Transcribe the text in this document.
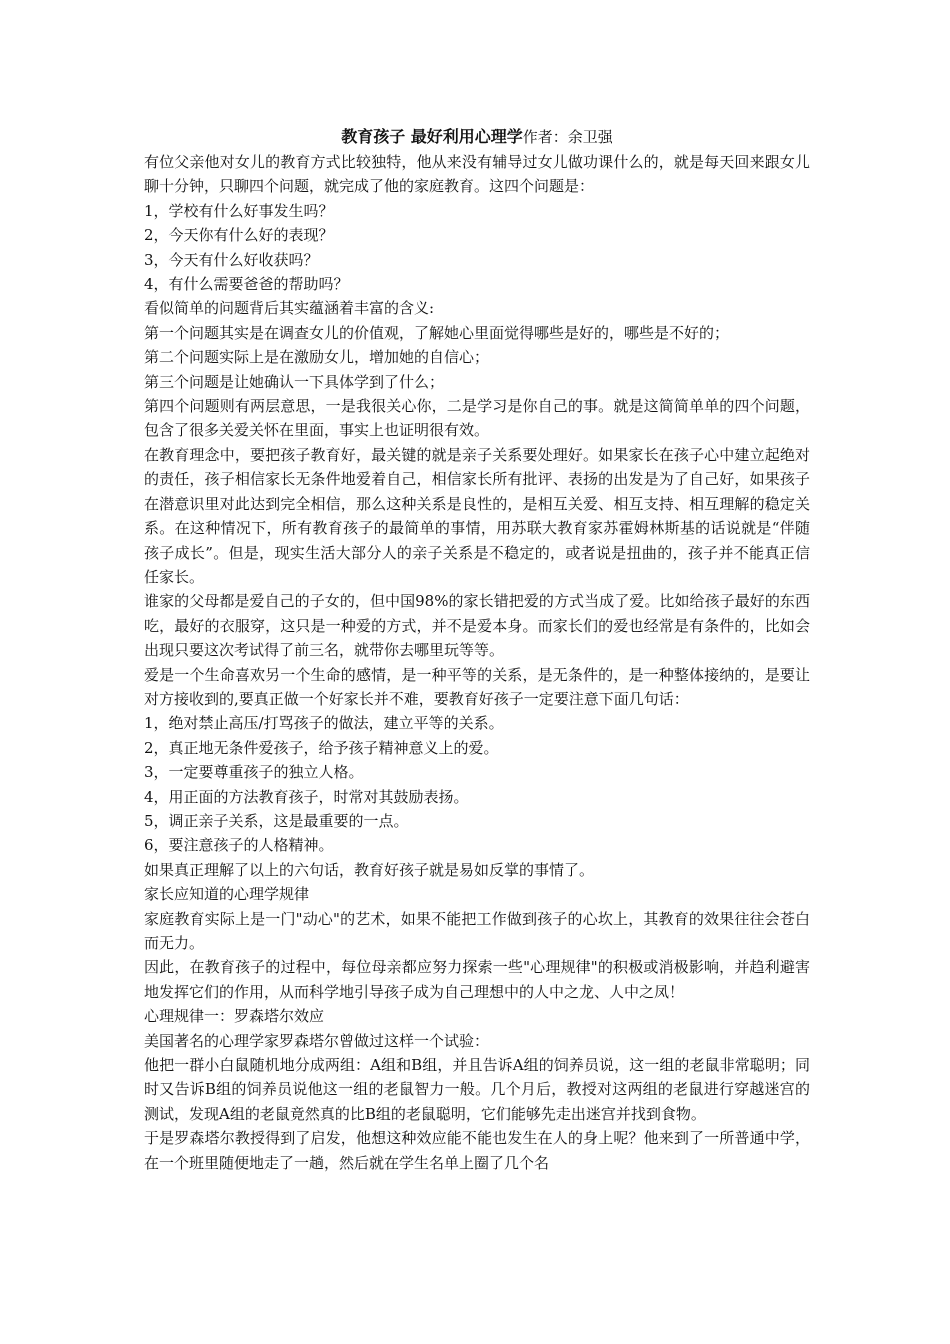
教育孩子 最好利用心理学作者：余卫强

有位父亲他对女儿的教育方式比较独特，他从来没有辅导过女儿做功课什么的，就是每天回来跟女儿聊十分钟，只聊四个问题，就完成了他的家庭教育。这四个问题是：

1，学校有什么好事发生吗？

2，今天你有什么好的表现？

3，今天有什么好收获吗？

4，有什么需要爸爸的帮助吗？

看似简单的问题背后其实蕴涵着丰富的含义:

第一个问题其实是在调查女儿的价值观，了解她心里面觉得哪些是好的，哪些是不好的；

第二个问题实际上是在激励女儿，增加她的自信心；

第三个问题是让她确认一下具体学到了什么；

第四个问题则有两层意思，一是我很关心你，二是学习是你自己的事。就是这简简单单的四个问题，包含了很多关爱关怀在里面，事实上也证明很有效。

在教育理念中，要把孩子教育好，最关键的就是亲子关系要处理好。如果家长在孩子心中建立起绝对的责任，孩子相信家长无条件地爱着自己，相信家长所有批评、表扬的出发是为了自己好，如果孩子在潜意识里对此达到完全相信，那么这种关系是良性的，是相互关爱、相互支持、相互理解的稳定关系。在这种情况下，所有教育孩子的最简单的事情，用苏联大教育家苏霍姆林斯基的话说就是“伴随孩子成长”。但是，现实生活大部分人的亲子关系是不稳定的，或者说是扭曲的，孩子并不能真正信任家长。

谁家的父母都是爱自己的子女的，但中国98%的家长错把爱的方式当成了爱。比如给孩子最好的东西吃，最好的衣服穿，这只是一种爱的方式，并不是爱本身。而家长们的爱也经常是有条件的，比如会出现只要这次考试得了前三名，就带你去哪里玩等等。

爱是一个生命喜欢另一个生命的感情，是一种平等的关系，是无条件的，是一种整体接纳的，是要让对方接收到的,要真正做一个好家长并不难，要教育好孩子一定要注意下面几句话：

1，绝对禁止高压/打骂孩子的做法，建立平等的关系。

2，真正地无条件爱孩子，给予孩子精神意义上的爱。

3，一定要尊重孩子的独立人格。

4，用正面的方法教育孩子，时常对其鼓励表扬。

5，调正亲子关系，这是最重要的一点。

6，要注意孩子的人格精神。

如果真正理解了以上的六句话，教育好孩子就是易如反掌的事情了。

家长应知道的心理学规律

家庭教育实际上是一门"动心"的艺术，如果不能把工作做到孩子的心坎上，其教育的效果往往会苍白而无力。

因此，在教育孩子的过程中，每位母亲都应努力探索一些"心理规律"的积极或消极影响，并趋利避害地发挥它们的作用，从而科学地引导孩子成为自己理想中的人中之龙、人中之凤！

心理规律一：罗森塔尔效应

美国著名的心理学家罗森塔尔曾做过这样一个试验：

他把一群小白鼠随机地分成两组：A组和B组，并且告诉A组的饲养员说，这一组的老鼠非常聪明；同时又告诉B组的饲养员说他这一组的老鼠智力一般。几个月后，教授对这两组的老鼠进行穿越迷宫的测试，发现A组的老鼠竟然真的比B组的老鼠聪明，它们能够先走出迷宫并找到食物。

于是罗森塔尔教授得到了启发，他想这种效应能不能也发生在人的身上呢？他来到了一所普通中学，在一个班里随便地走了一趟，然后就在学生名单上圈了几个名
